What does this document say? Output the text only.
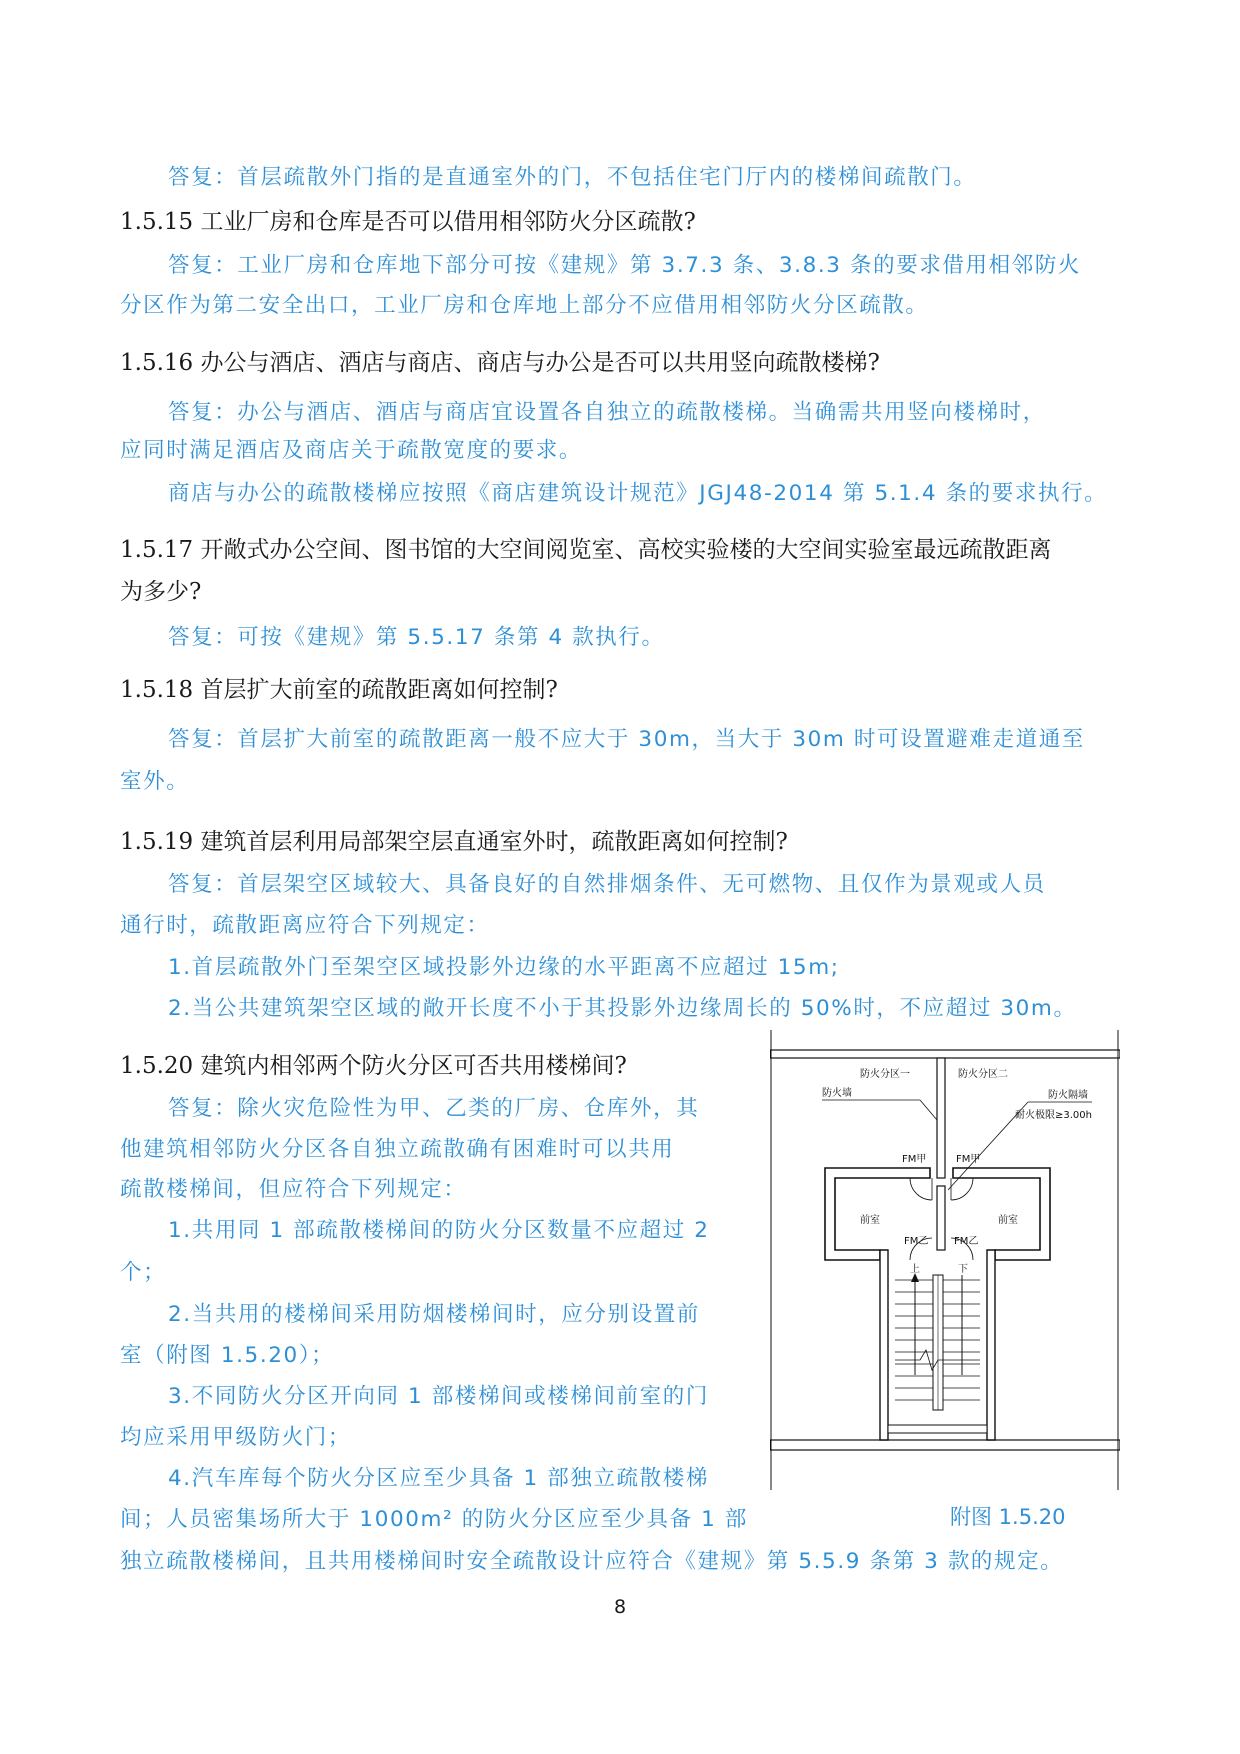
答复：首层疏散外门指的是直通室外的门，不包括住宅门厅内的楼梯间疏散门。
1.5.15 工业厂房和仓库是否可以借用相邻防火分区疏散?
答复：工业厂房和仓库地下部分可按《建规》第 3.7.3 条、3.8.3 条的要求借用相邻防火
分区作为第二安全出口，工业厂房和仓库地上部分不应借用相邻防火分区疏散。
1.5.16 办公与酒店、酒店与商店、商店与办公是否可以共用竖向疏散楼梯?
答复：办公与酒店、酒店与商店宜设置各自独立的疏散楼梯。当确需共用竖向楼梯时，
应同时满足酒店及商店关于疏散宽度的要求。
商店与办公的疏散楼梯应按照《商店建筑设计规范》JGJ48-2014 第 5.1.4 条的要求执行。
1.5.17 开敞式办公空间、图书馆的大空间阅览室、高校实验楼的大空间实验室最远疏散距离
为多少?
答复：可按《建规》第 5.5.17 条第 4 款执行。
1.5.18 首层扩大前室的疏散距离如何控制?
答复：首层扩大前室的疏散距离一般不应大于 30m，当大于 30m 时可设置避难走道通至
室外。
1.5.19 建筑首层利用局部架空层直通室外时，疏散距离如何控制?
答复：首层架空区域较大、具备良好的自然排烟条件、无可燃物、且仅作为景观或人员
通行时，疏散距离应符合下列规定：
1.首层疏散外门至架空区域投影外边缘的水平距离不应超过 15m;
2.当公共建筑架空区域的敞开长度不小于其投影外边缘周长的 50%时，不应超过 30m。
1.5.20 建筑内相邻两个防火分区可否共用楼梯间?
答复：除火灾危险性为甲、乙类的厂房、仓库外，其
他建筑相邻防火分区各自独立疏散确有困难时可以共用
疏散楼梯间，但应符合下列规定：
1.共用同 1 部疏散楼梯间的防火分区数量不应超过 2
个；
2.当共用的楼梯间采用防烟楼梯间时，应分别设置前
室（附图 1.5.20）；
3.不同防火分区开向同 1 部楼梯间或楼梯间前室的门
均应采用甲级防火门；
4.汽车库每个防火分区应至少具备 1 部独立疏散楼梯
间；人员密集场所大于 1000m² 的防火分区应至少具备 1 部
独立疏散楼梯间，且共用楼梯间时安全疏散设计应符合《建规》第 5.5.9 条第 3 款的规定。
防火分区一	防火分区二
防火墙	防火隔墙
耐火极限≥3.00h
FM甲	FM甲
前室	前室
FM乙	FM乙
上	下
附图 1.5.20
8
